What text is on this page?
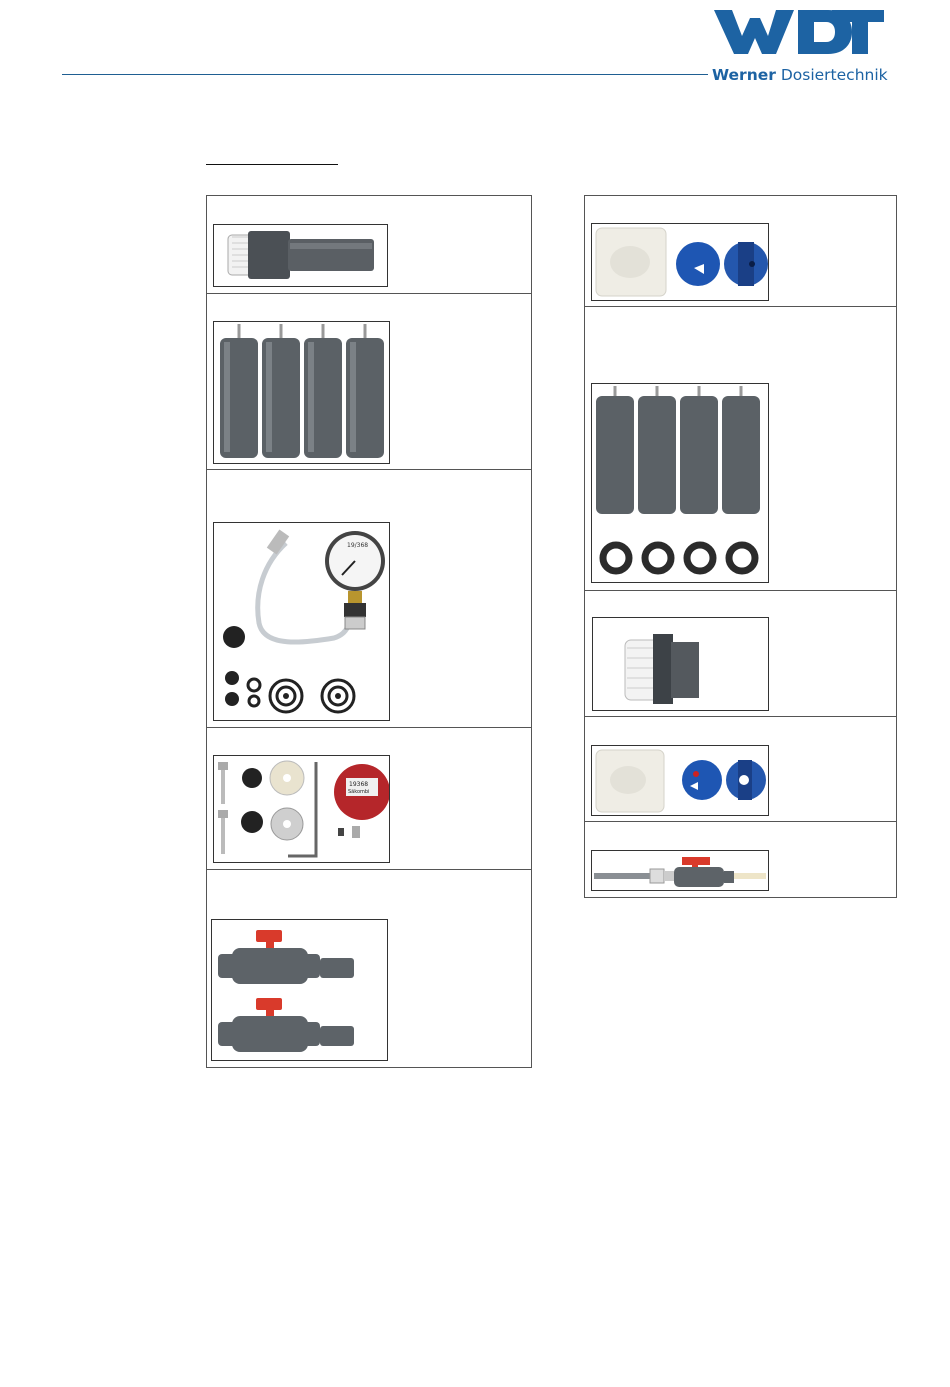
Werner Dosiertechnik
19/368
19368
Säkombi
